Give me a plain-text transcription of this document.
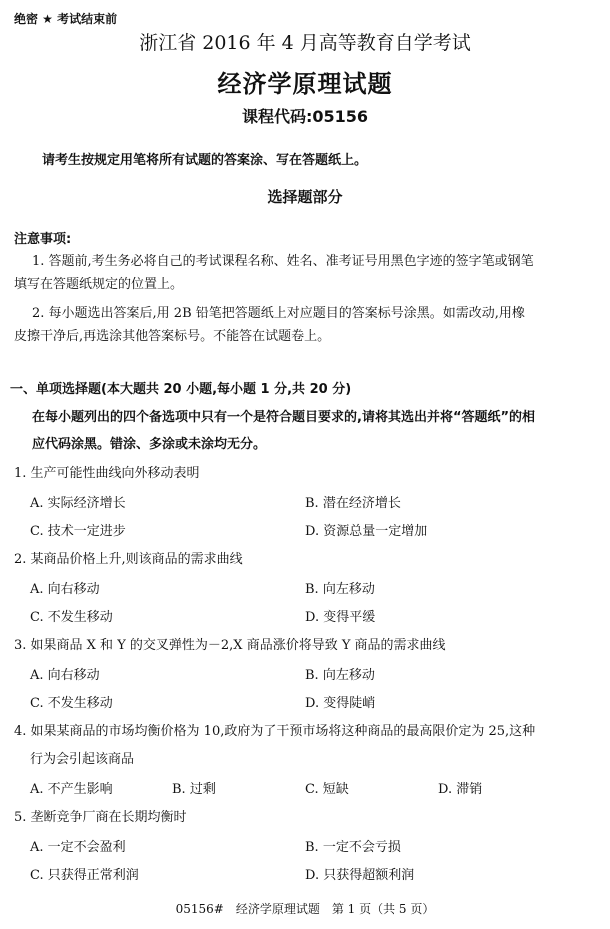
绝密 ★ 考试结束前
浙江省 2016 年 4 月高等教育自学考试
经济学原理试题
课程代码:05156
请考生按规定用笔将所有试题的答案涂、写在答题纸上。
选择题部分
注意事项:
1. 答题前,考生务必将自己的考试课程名称、姓名、准考证号用黑色字迹的签字笔或钢笔
填写在答题纸规定的位置上。
2. 每小题选出答案后,用 2B 铅笔把答题纸上对应题目的答案标号涂黑。如需改动,用橡
皮擦干净后,再选涂其他答案标号。不能答在试题卷上。
一、单项选择题(本大题共 20 小题,每小题 1 分,共 20 分)
在每小题列出的四个备选项中只有一个是符合题目要求的,请将其选出并将“答题纸”的相
应代码涂黑。错涂、多涂或未涂均无分。
1. 生产可能性曲线向外移动表明
A. 实际经济增长	B. 潜在经济增长
C. 技术一定进步	D. 资源总量一定增加
2. 某商品价格上升,则该商品的需求曲线
A. 向右移动	B. 向左移动
C. 不发生移动	D. 变得平缓
3. 如果商品 X 和 Y 的交叉弹性为－2,X 商品涨价将导致 Y 商品的需求曲线
A. 向右移动	B. 向左移动
C. 不发生移动	D. 变得陡峭
4. 如果某商品的市场均衡价格为 10,政府为了干预市场将这种商品的最高限价定为 25,这种
行为会引起该商品
A. 不产生影响	B. 过剩	C. 短缺	D. 滞销
5. 垄断竞争厂商在长期均衡时
A. 一定不会盈利	B. 一定不会亏损
C. 只获得正常利润	D. 只获得超额利润
05156#　经济学原理试题　第 1 页（共 5 页）
